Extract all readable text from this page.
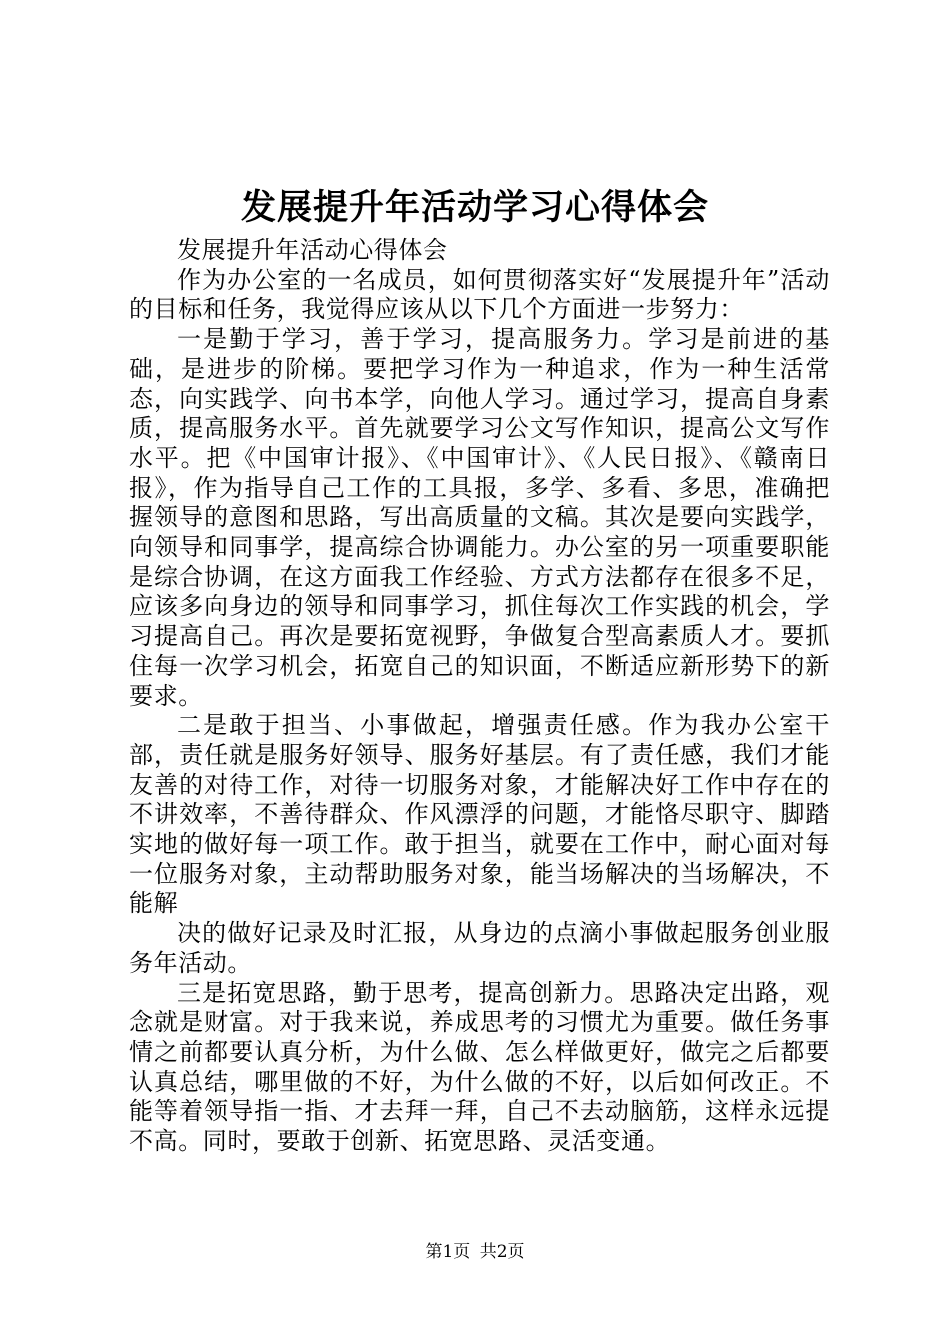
发展提升年活动学习心得体会

发展提升年活动心得体会

作为办公室的一名成员，如何贯彻落实好“发展提升年”活动的目标和任务，我觉得应该从以下几个方面进一步努力：

一是勤于学习，善于学习，提高服务力。学习是前进的基础，是进步的阶梯。要把学习作为一种追求，作为一种生活常态，向实践学、向书本学，向他人学习。通过学习，提高自身素质，提高服务水平。首先就要学习公文写作知识，提高公文写作水平。把《中国审计报》、《中国审计》、《人民日报》、《赣南日报》，作为指导自己工作的工具报，多学、多看、多思，准确把握领导的意图和思路，写出高质量的文稿。其次是要向实践学，向领导和同事学，提高综合协调能力。办公室的另一项重要职能是综合协调，在这方面我工作经验、方式方法都存在很多不足，应该多向身边的领导和同事学习，抓住每次工作实践的机会，学习提高自己。再次是要拓宽视野，争做复合型高素质人才。要抓住每一次学习机会，拓宽自己的知识面，不断适应新形势下的新要求。

二是敢于担当、小事做起，增强责任感。作为我办公室干部，责任就是服务好领导、服务好基层。有了责任感，我们才能友善的对待工作，对待一切服务对象，才能解决好工作中存在的不讲效率，不善待群众、作风漂浮的问题，才能恪尽职守、脚踏实地的做好每一项工作。敢于担当，就要在工作中，耐心面对每一位服务对象，主动帮助服务对象，能当场解决的当场解决，不能解

决的做好记录及时汇报，从身边的点滴小事做起服务创业服务年活动。

三是拓宽思路，勤于思考，提高创新力。思路决定出路，观念就是财富。对于我来说，养成思考的习惯尤为重要。做任务事情之前都要认真分析，为什么做、怎么样做更好，做完之后都要认真总结，哪里做的不好，为什么做的不好，以后如何改正。不能等着领导指一指、才去拜一拜，自己不去动脑筋，这样永远提不高。同时，要敢于创新、拓宽思路、灵活变通。

第1页 共2页
